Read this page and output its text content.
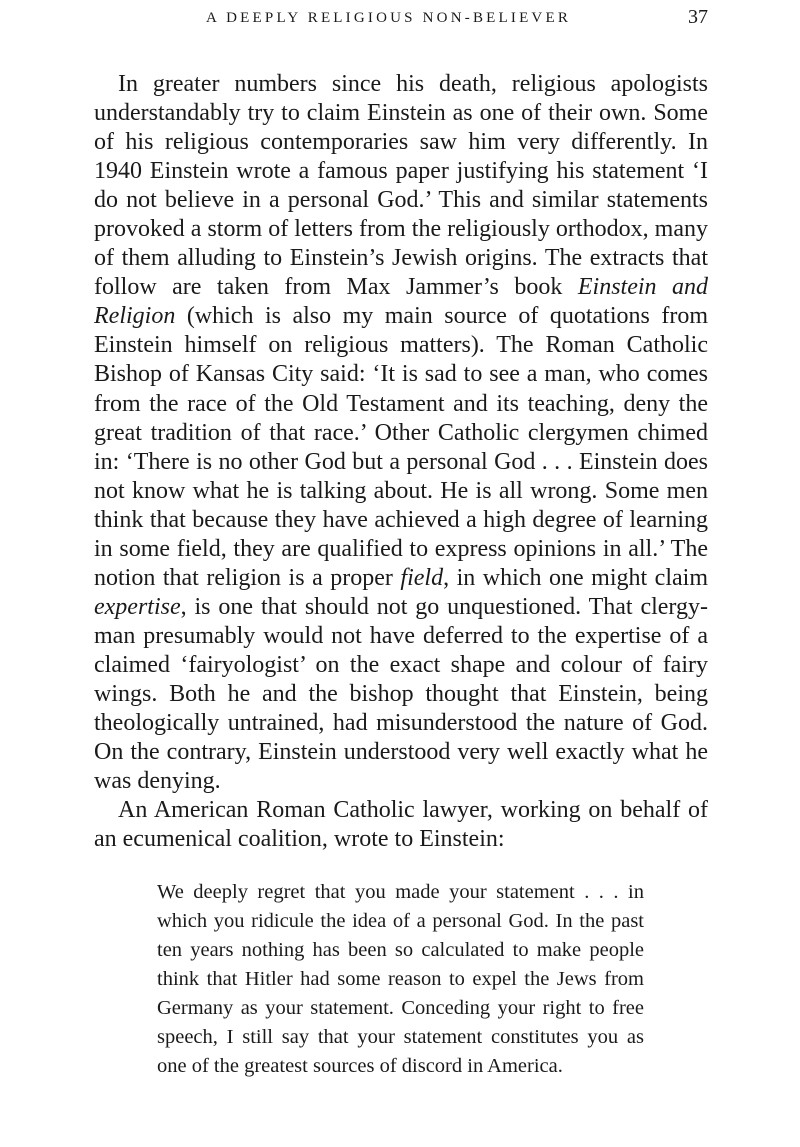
A DEEPLY RELIGIOUS NON-BELIEVER	37

In greater numbers since his death, religious apologists understandably try to claim Einstein as one of their own. Some of his religious contemporaries saw him very differently. In 1940 Einstein wrote a famous paper justifying his statement ‘I do not believe in a personal God.’ This and similar statements provoked a storm of letters from the religiously orthodox, many of them alluding to Einstein’s Jewish origins. The extracts that follow are taken from Max Jammer’s book Einstein and Religion (which is also my main source of quotations from Einstein himself on religious matters). The Roman Catholic Bishop of Kansas City said: ‘It is sad to see a man, who comes from the race of the Old Testament and its teaching, deny the great tradition of that race.’ Other Catholic clergymen chimed in: ‘There is no other God but a personal God . . . Einstein does not know what he is talking about. He is all wrong. Some men think that because they have achieved a high degree of learning in some field, they are qualified to express opinions in all.’ The notion that religion is a proper field, in which one might claim expertise, is one that should not go unquestioned. That clergyman presumably would not have deferred to the expertise of a claimed ‘fairyologist’ on the exact shape and colour of fairy wings. Both he and the bishop thought that Einstein, being theologically untrained, had misunderstood the nature of God. On the contrary, Einstein understood very well exactly what he was denying.

An American Roman Catholic lawyer, working on behalf of an ecumenical coalition, wrote to Einstein:

We deeply regret that you made your statement . . . in which you ridicule the idea of a personal God. In the past ten years nothing has been so calculated to make people think that Hitler had some reason to expel the Jews from Germany as your statement. Conceding your right to free speech, I still say that your statement constitutes you as one of the greatest sources of discord in America.
